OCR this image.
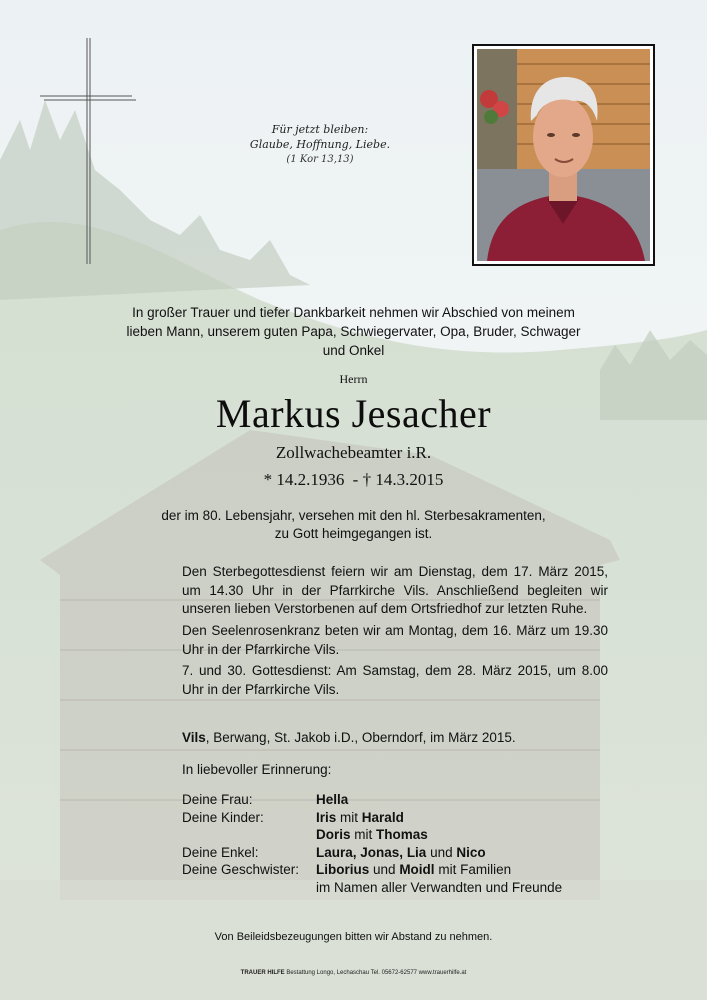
Für jetzt bleiben:
Glaube, Hoffnung, Liebe.
(1 Kor 13,13)
In großer Trauer und tiefer Dankbarkeit nehmen wir Abschied von meinem lieben Mann, unserem guten Papa, Schwiegervater, Opa, Bruder, Schwager und Onkel
Herrn
Markus Jesacher
Zollwachebeamter i.R.
* 14.2.1936 - † 14.3.2015
der im 80. Lebensjahr, versehen mit den hl. Sterbesakramenten, zu Gott heimgegangen ist.
Den Sterbegottesdienst feiern wir am Dienstag, dem 17. März 2015, um 14.30 Uhr in der Pfarrkirche Vils. Anschließend begleiten wir unseren lieben Verstorbenen auf dem Ortsfriedhof zur letzten Ruhe.
Den Seelenrosenkranz beten wir am Montag, dem 16. März um 19.30 Uhr in der Pfarrkirche Vils.
7. und 30. Gottesdienst: Am Samstag, dem 28. März 2015, um 8.00 Uhr in der Pfarrkirche Vils.
Vils, Berwang, St. Jakob i.D., Oberndorf, im März 2015.
In liebevoller Erinnerung:
Deine Frau:	Hella
Deine Kinder:	Iris mit Harald
Doris mit Thomas
Deine Enkel:	Laura, Jonas, Lia und Nico
Deine Geschwister:	Liborius und Moidl mit Familien
im Namen aller Verwandten und Freunde
Von Beileidsbezeugungen bitten wir Abstand zu nehmen.
TRAUER HILFE Bestattung Longo, Lechaschau Tel. 05672-62577 www.trauerhilfe.at
